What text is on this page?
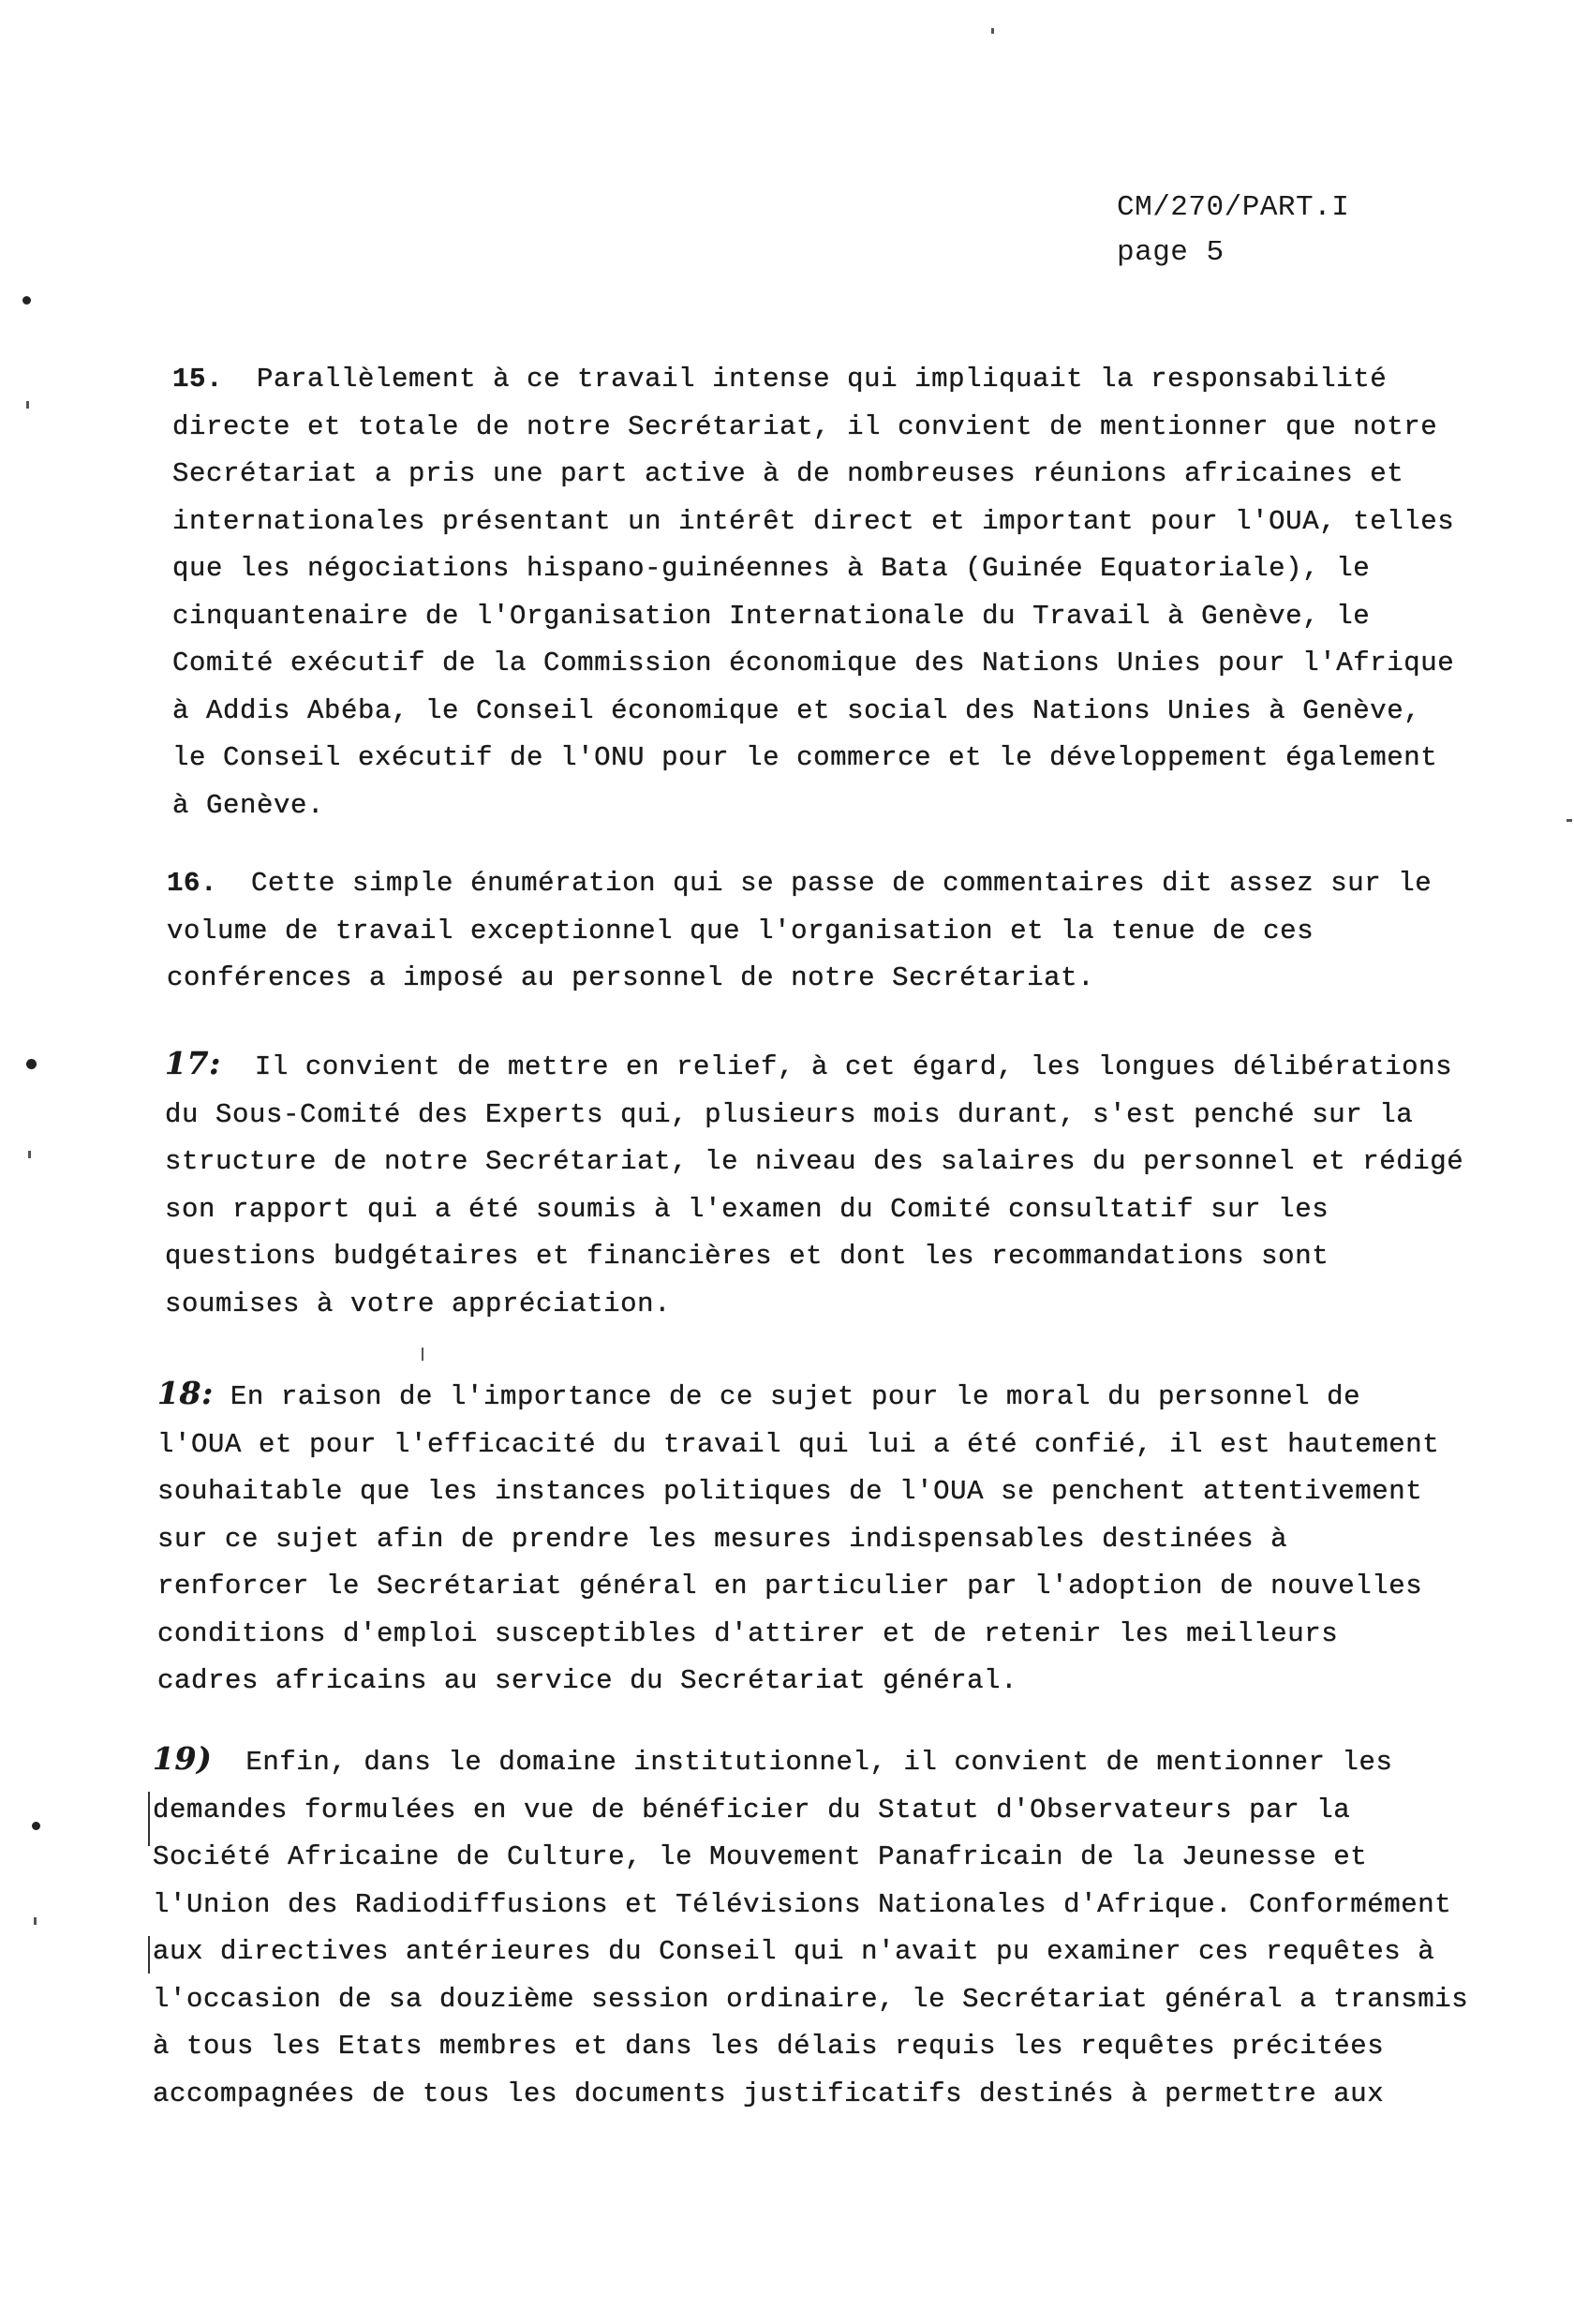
CM/270/PART.I
page 5
15. Parallèlement à ce travail intense qui impliquait la responsabilité
directe et totale de notre Secrétariat, il convient de mentionner que notre
Secrétariat a pris une part active à de nombreuses réunions africaines et
internationales présentant un intérêt direct et important pour l'OUA, telles
que les négociations hispano-guinéennes à Bata (Guinée Equatoriale), le
cinquantenaire de l'Organisation Internationale du Travail à Genève, le
Comité exécutif de la Commission économique des Nations Unies pour l'Afrique
à Addis Abéba, le Conseil économique et social des Nations Unies à Genève,
le Conseil exécutif de l'ONU pour le commerce et le développement également
à Genève.
16. Cette simple énumération qui se passe de commentaires dit assez sur le
volume de travail exceptionnel que l'organisation et la tenue de ces
conférences a imposé au personnel de notre Secrétariat.
17: Il convient de mettre en relief, à cet égard, les longues délibérations
du Sous-Comité des Experts qui, plusieurs mois durant, s'est penché sur la
structure de notre Secrétariat, le niveau des salaires du personnel et rédigé
son rapport qui a été soumis à l'examen du Comité consultatif sur les
questions budgétaires et financières et dont les recommandations sont
soumises à votre appréciation.
18: En raison de l'importance de ce sujet pour le moral du personnel de
l'OUA et pour l'efficacité du travail qui lui a été confié, il est hautement
souhaitable que les instances politiques de l'OUA se penchent attentivement
sur ce sujet afin de prendre les mesures indispensables destinées à
renforcer le Secrétariat général en particulier par l'adoption de nouvelles
conditions d'emploi susceptibles d'attirer et de retenir les meilleurs
cadres africains au service du Secrétariat général.
19) Enfin, dans le domaine institutionnel, il convient de mentionner les
demandes formulées en vue de bénéficier du Statut d'Observateurs par la
Société Africaine de Culture, le Mouvement Panafricain de la Jeunesse et
l'Union des Radiodiffusions et Télévisions Nationales d'Afrique. Conformément
aux directives antérieures du Conseil qui n'avait pu examiner ces requêtes à
l'occasion de sa douzième session ordinaire, le Secrétariat général a transmis
à tous les Etats membres et dans les délais requis les requêtes précitées
accompagnées de tous les documents justificatifs destinés à permettre aux
